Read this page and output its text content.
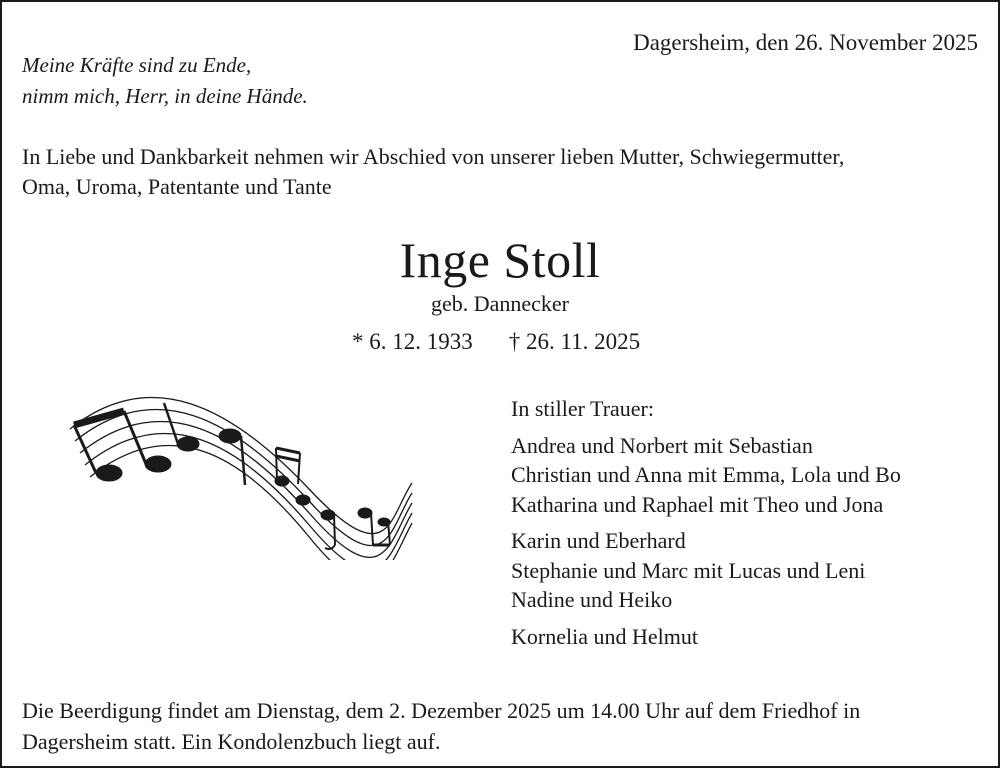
Dagersheim, den 26. November 2025
Meine Kräfte sind zu Ende,
nimm mich, Herr, in deine Hände.
In Liebe und Dankbarkeit nehmen wir Abschied von unserer lieben Mutter, Schwiegermutter,
Oma, Uroma, Patentante und Tante
Inge Stoll
geb. Dannecker
* 6. 12. 1933 † 26. 11. 2025
In stiller Trauer:
Andrea und Norbert mit Sebastian
Christian und Anna mit Emma, Lola und Bo
Katharina und Raphael mit Theo und Jona
Karin und Eberhard
Stephanie und Marc mit Lucas und Leni
Nadine und Heiko
Kornelia und Helmut
Die Beerdigung findet am Dienstag, dem 2. Dezember 2025 um 14.00 Uhr auf dem Friedhof in
Dagersheim statt. Ein Kondolenzbuch liegt auf.
